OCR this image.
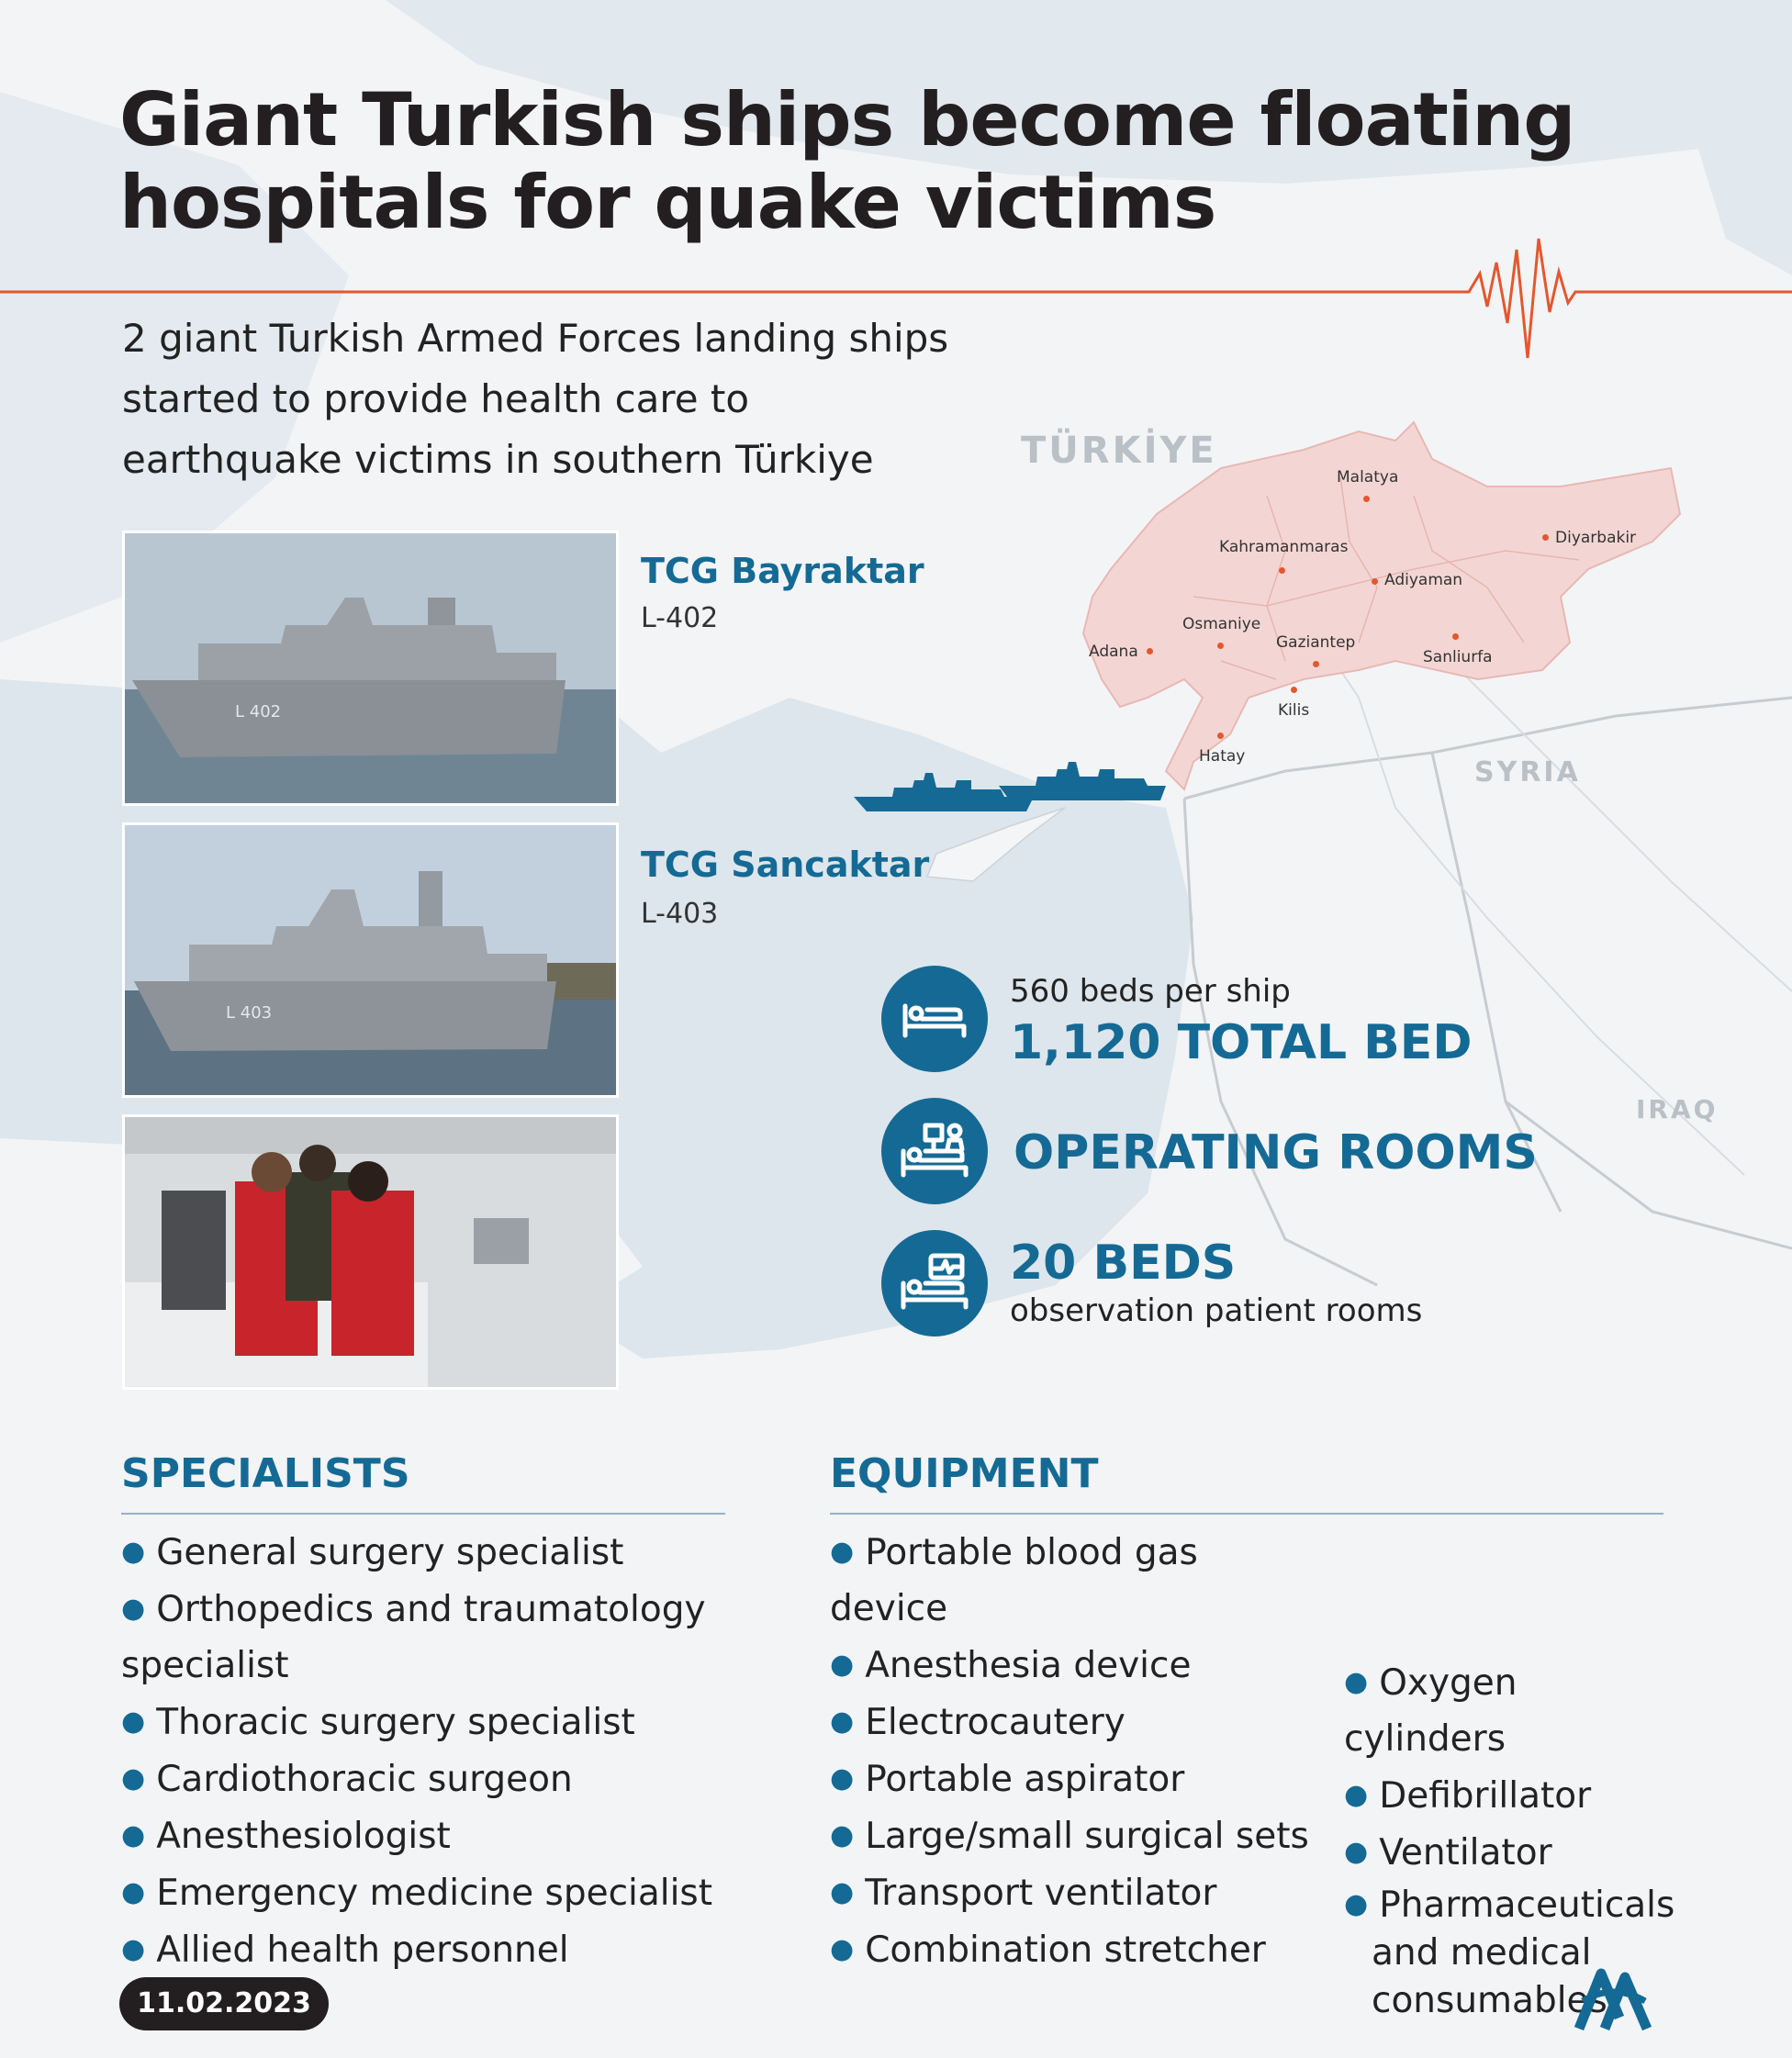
Giant Turkish ships become floating hospitals for quake victims
2 giant Turkish Armed Forces landing ships started to provide health care to earthquake victims in southern Türkiye	TÜRKİYE
SYRIA
IRAQ
Malatya
Diyarbakir
Kahramanmaras
Adiyaman
Osmaniye
Adana	Gaziantep
Sanliurfa
Kilis
Hatay
L 402
L 403
TCG Bayraktar
L-402
TCG Sancaktar
L-403
560 beds per ship
1,120 TOTAL BED
OPERATING ROOMS
20 BEDS
observation patient rooms
SPECIALISTS
● General surgery specialist
● Orthopedics and traumatology specialist
● Thoracic surgery specialist
● Cardiothoracic surgeon
● Anesthesiologist
● Emergency medicine specialist
● Allied health personnel
EQUIPMENT
● Portable blood gas device
● Anesthesia device
● Electrocautery
● Portable aspirator
● Large/small surgical sets
● Transport ventilator
● Combination stretcher
● Oxygen cylinders
● Defibrillator
● Ventilator
● Pharmaceuticals and medical consumables
11.02.2023
